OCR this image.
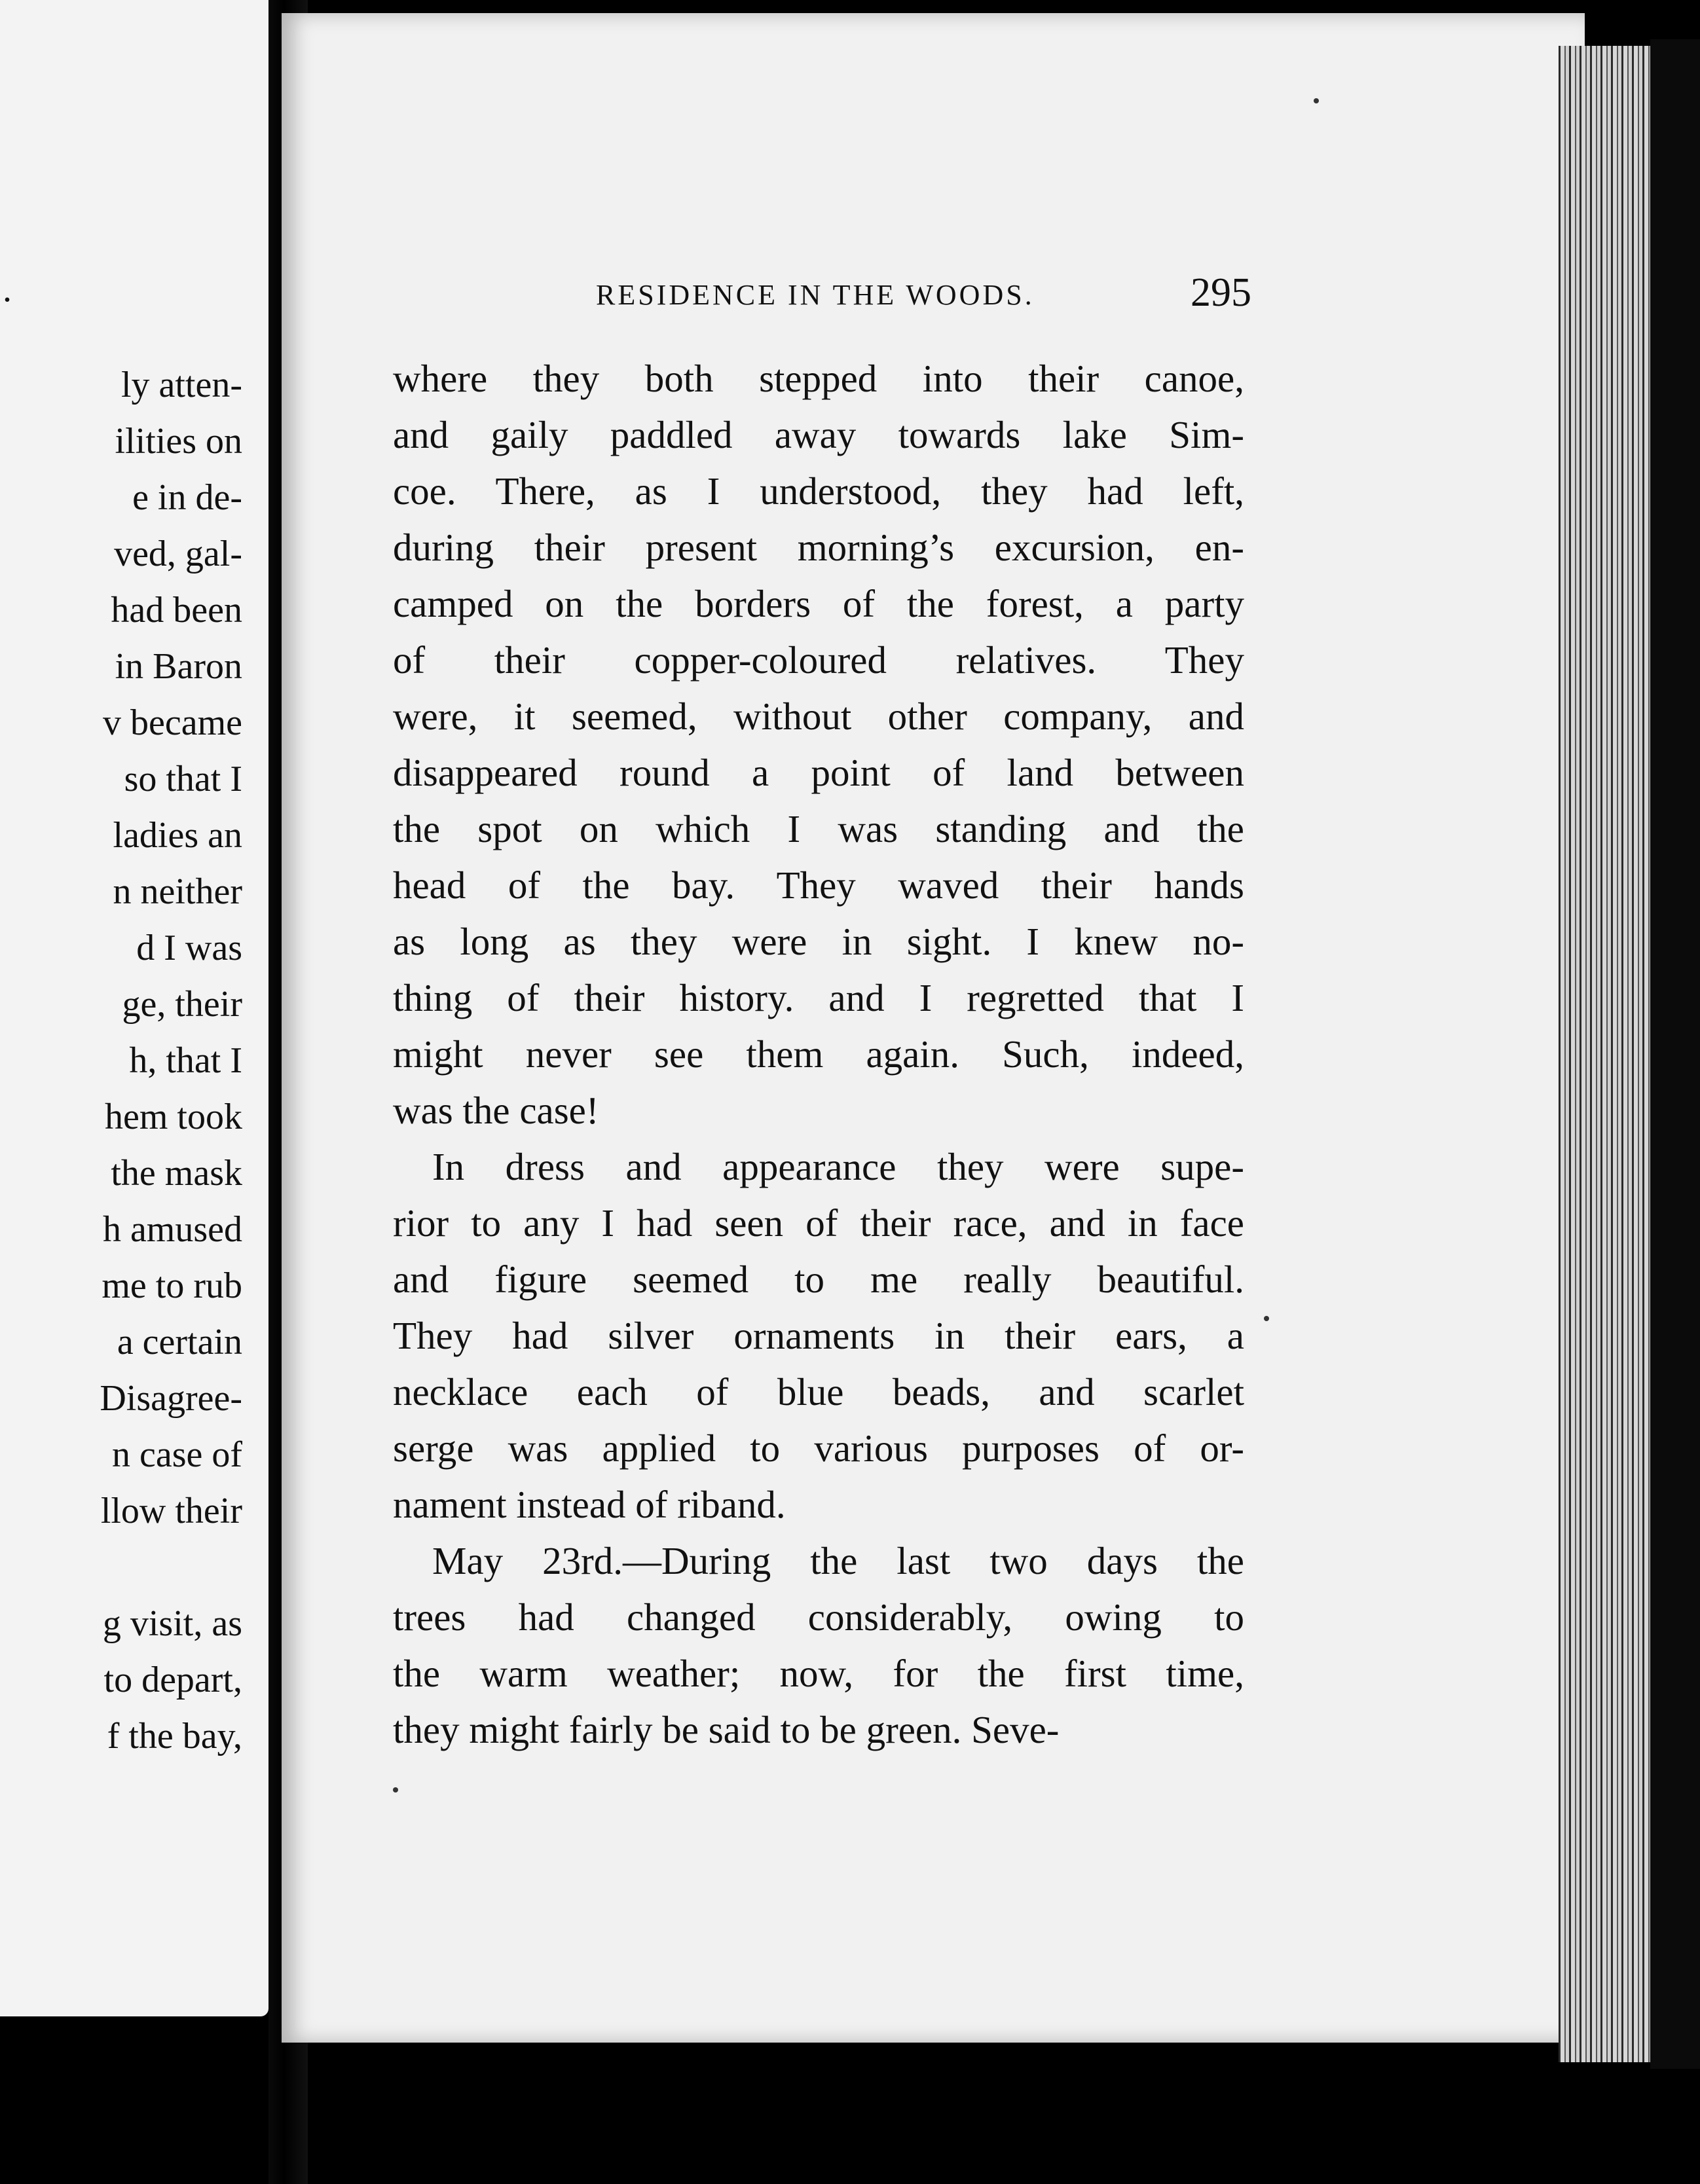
.
ly atten-
ilities on
e in de-
ved, gal-
had been
in Baron
v became
so that I
ladies an
n neither
d I was
ge, their
h, that I
hem took
the mask
h amused
me to rub
a certain
Disagree-
n case of
llow their
g visit, as
to depart,
f the bay,
RESIDENCE IN THE WOODS.	295
where they both stepped into their canoe,
and gaily paddled away towards lake Sim-
coe. There, as I understood, they had left,
during their present morning’s excursion, en-
camped on the borders of the forest, a party
of their copper-coloured relatives. They
were, it seemed, without other company, and
disappeared round a point of land between
the spot on which I was standing and the
head of the bay. They waved their hands
as long as they were in sight. I knew no-
thing of their history. and I regretted that I
might never see them again. Such, indeed,
was the case!
In dress and appearance they were supe-
rior to any I had seen of their race, and in face
and figure seemed to me really beautiful.
They had silver ornaments in their ears, a
necklace each of blue beads, and scarlet
serge was applied to various purposes of or-
nament instead of riband.
May 23rd.—During the last two days the
trees had changed considerably, owing to
the warm weather; now, for the first time,
they might fairly be said to be green. Seve-
